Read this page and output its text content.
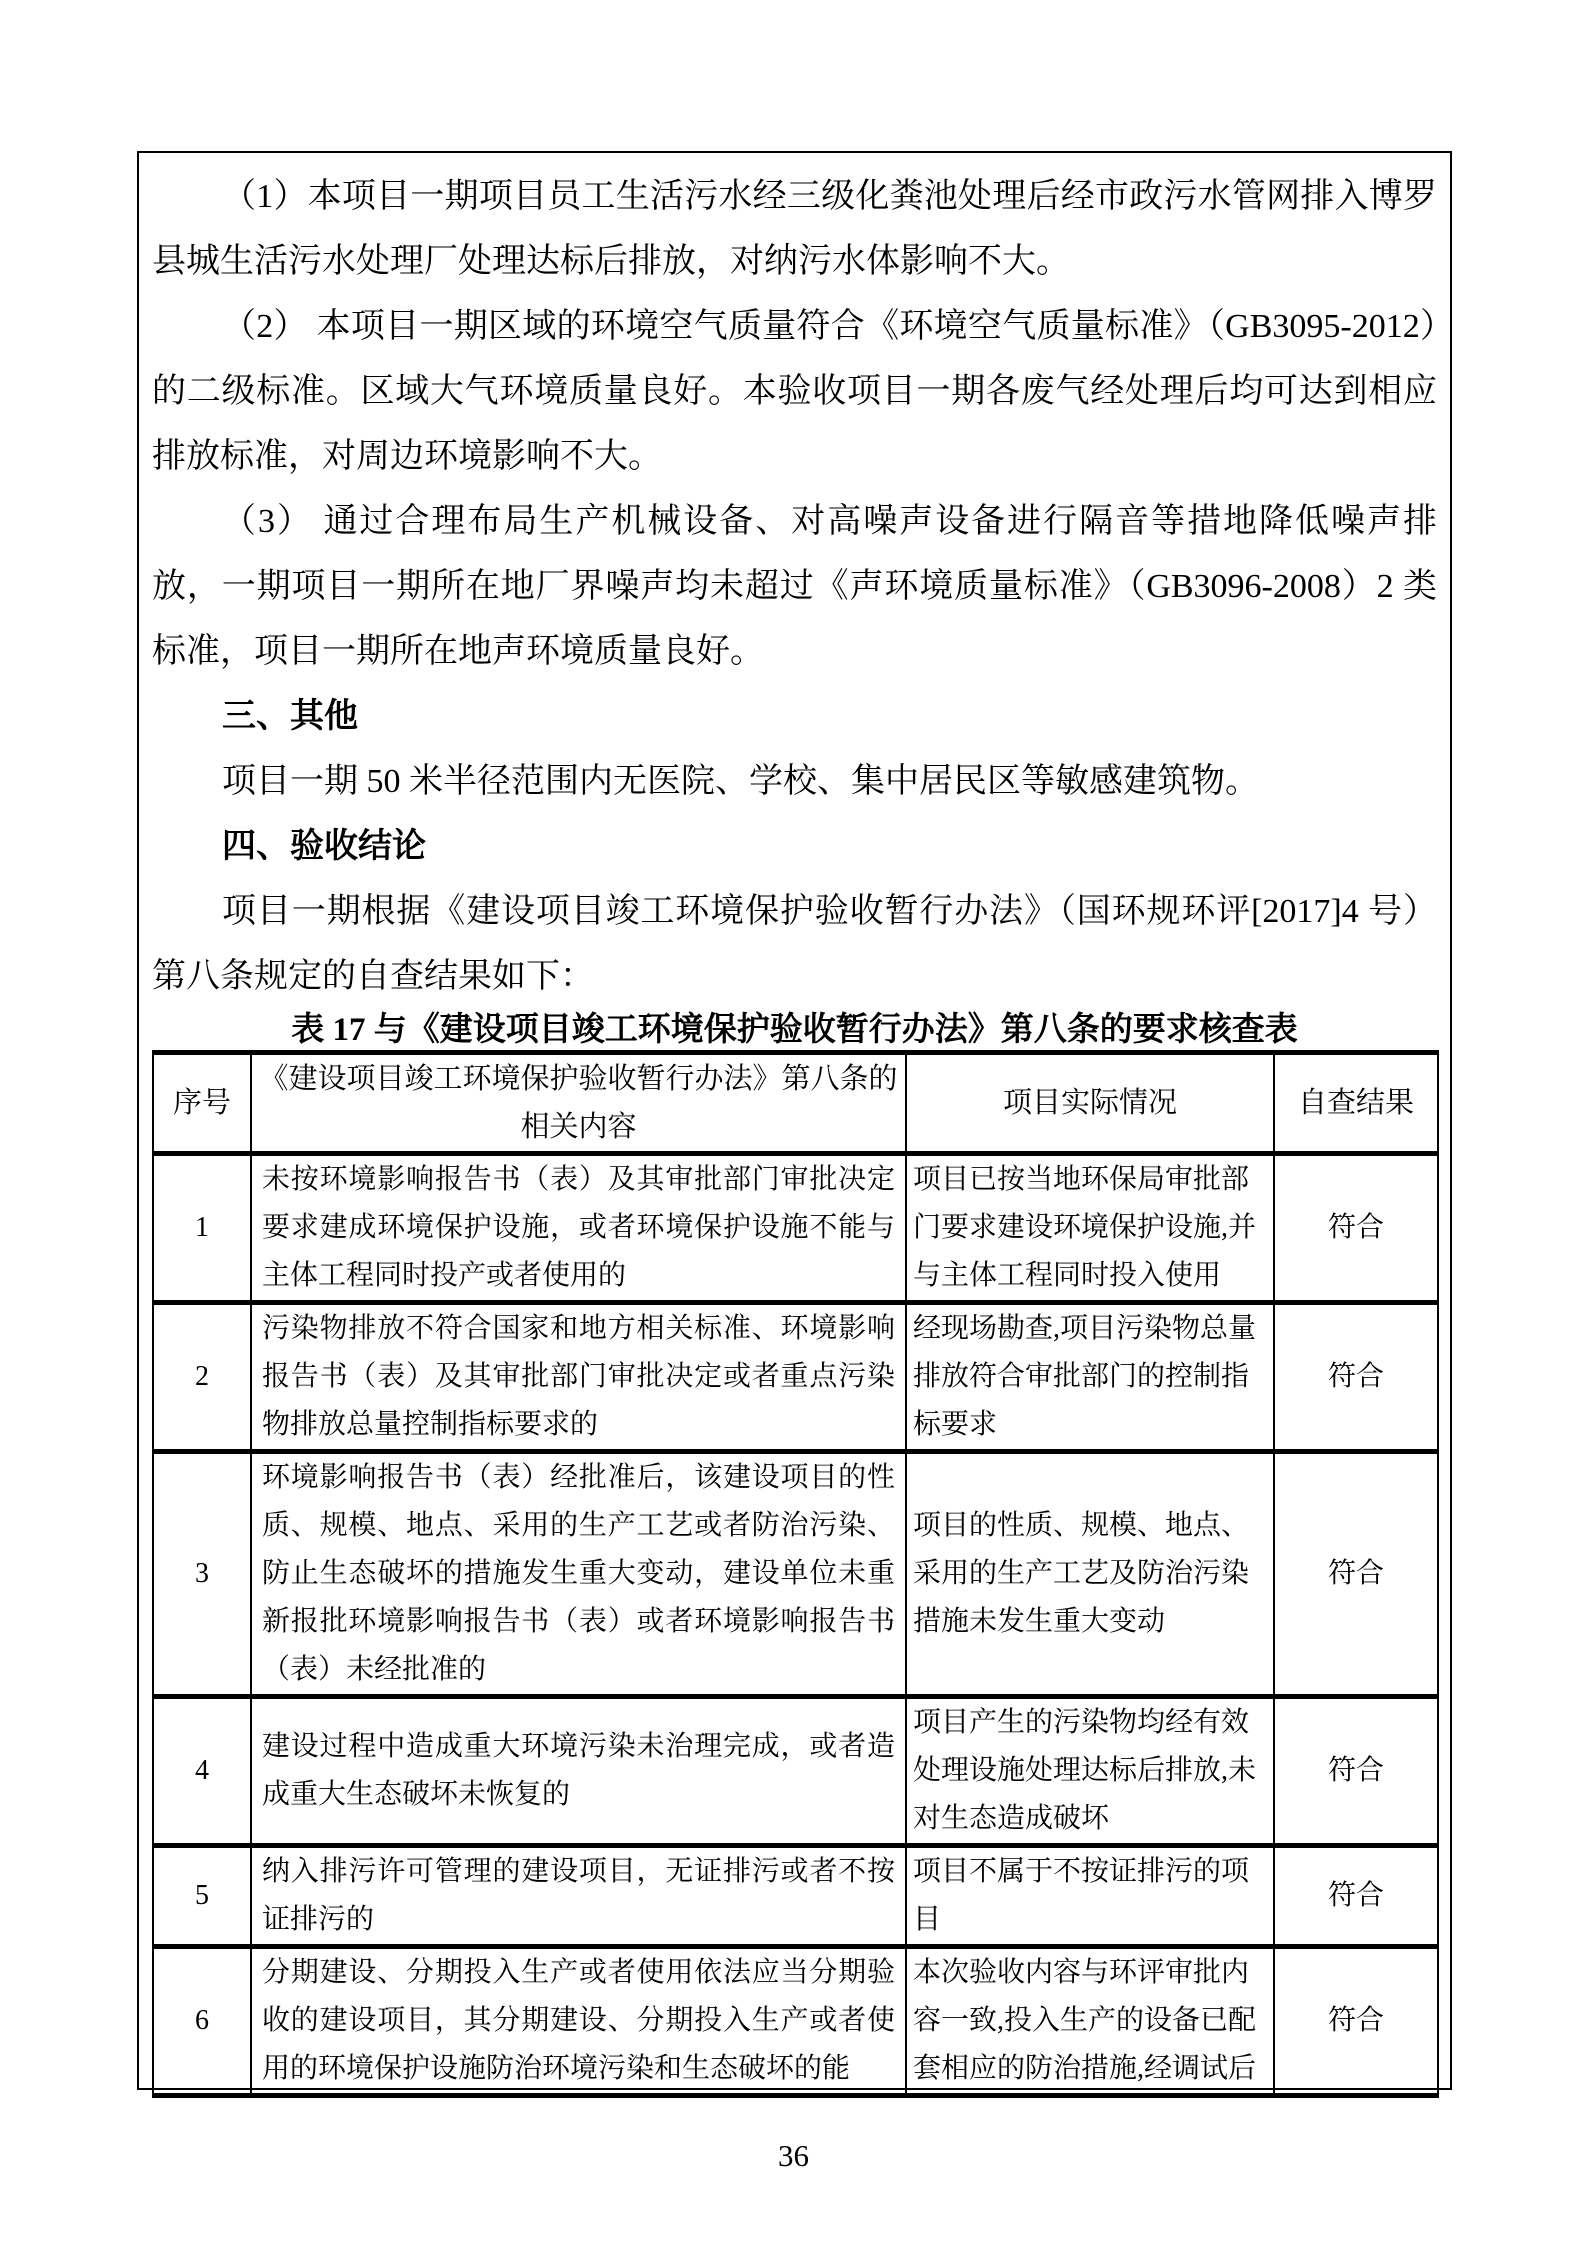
（1）本项目一期项目员工生活污水经三级化粪池处理后经市政污水管网排入博罗县城生活污水处理厂处理达标后排放，对纳污水体影响不大。

（2） 本项目一期区域的环境空气质量符合《环境空气质量标准》（GB3095-2012）的二级标准。区域大气环境质量良好。本验收项目一期各废气经处理后均可达到相应排放标准，对周边环境影响不大。

（3） 通过合理布局生产机械设备、对高噪声设备进行隔音等措地降低噪声排放，一期项目一期所在地厂界噪声均未超过《声环境质量标准》（GB3096-2008）2 类标准，项目一期所在地声环境质量良好。

三、其他

项目一期 50 米半径范围内无医院、学校、集中居民区等敏感建筑物。

四、验收结论

项目一期根据《建设项目竣工环境保护验收暂行办法》（国环规环评[2017]4 号）第八条规定的自查结果如下：

表 17 与《建设项目竣工环境保护验收暂行办法》第八条的要求核查表

序号	《建设项目竣工环境保护验收暂行办法》第八条的相关内容	项目实际情况	自查结果
1	未按环境影响报告书（表）及其审批部门审批决定要求建成环境保护设施，或者环境保护设施不能与主体工程同时投产或者使用的	项目已按当地环保局审批部门要求建设环境保护设施,并与主体工程同时投入使用	符合
2	污染物排放不符合国家和地方相关标准、环境影响报告书（表）及其审批部门审批决定或者重点污染物排放总量控制指标要求的	经现场勘查,项目污染物总量排放符合审批部门的控制指标要求	符合
3	环境影响报告书（表）经批准后，该建设项目的性质、规模、地点、采用的生产工艺或者防治污染、防止生态破坏的措施发生重大变动，建设单位未重新报批环境影响报告书（表）或者环境影响报告书（表）未经批准的	项目的性质、规模、地点、采用的生产工艺及防治污染措施未发生重大变动	符合
4	建设过程中造成重大环境污染未治理完成，或者造成重大生态破坏未恢复的	项目产生的污染物均经有效处理设施处理达标后排放,未对生态造成破坏	符合
5	纳入排污许可管理的建设项目，无证排污或者不按证排污的	项目不属于不按证排污的项目	符合
6	分期建设、分期投入生产或者使用依法应当分期验收的建设项目，其分期建设、分期投入生产或者使用的环境保护设施防治环境污染和生态破坏的能	本次验收内容与环评审批内容一致,投入生产的设备已配套相应的防治措施,经调试后	符合
36
